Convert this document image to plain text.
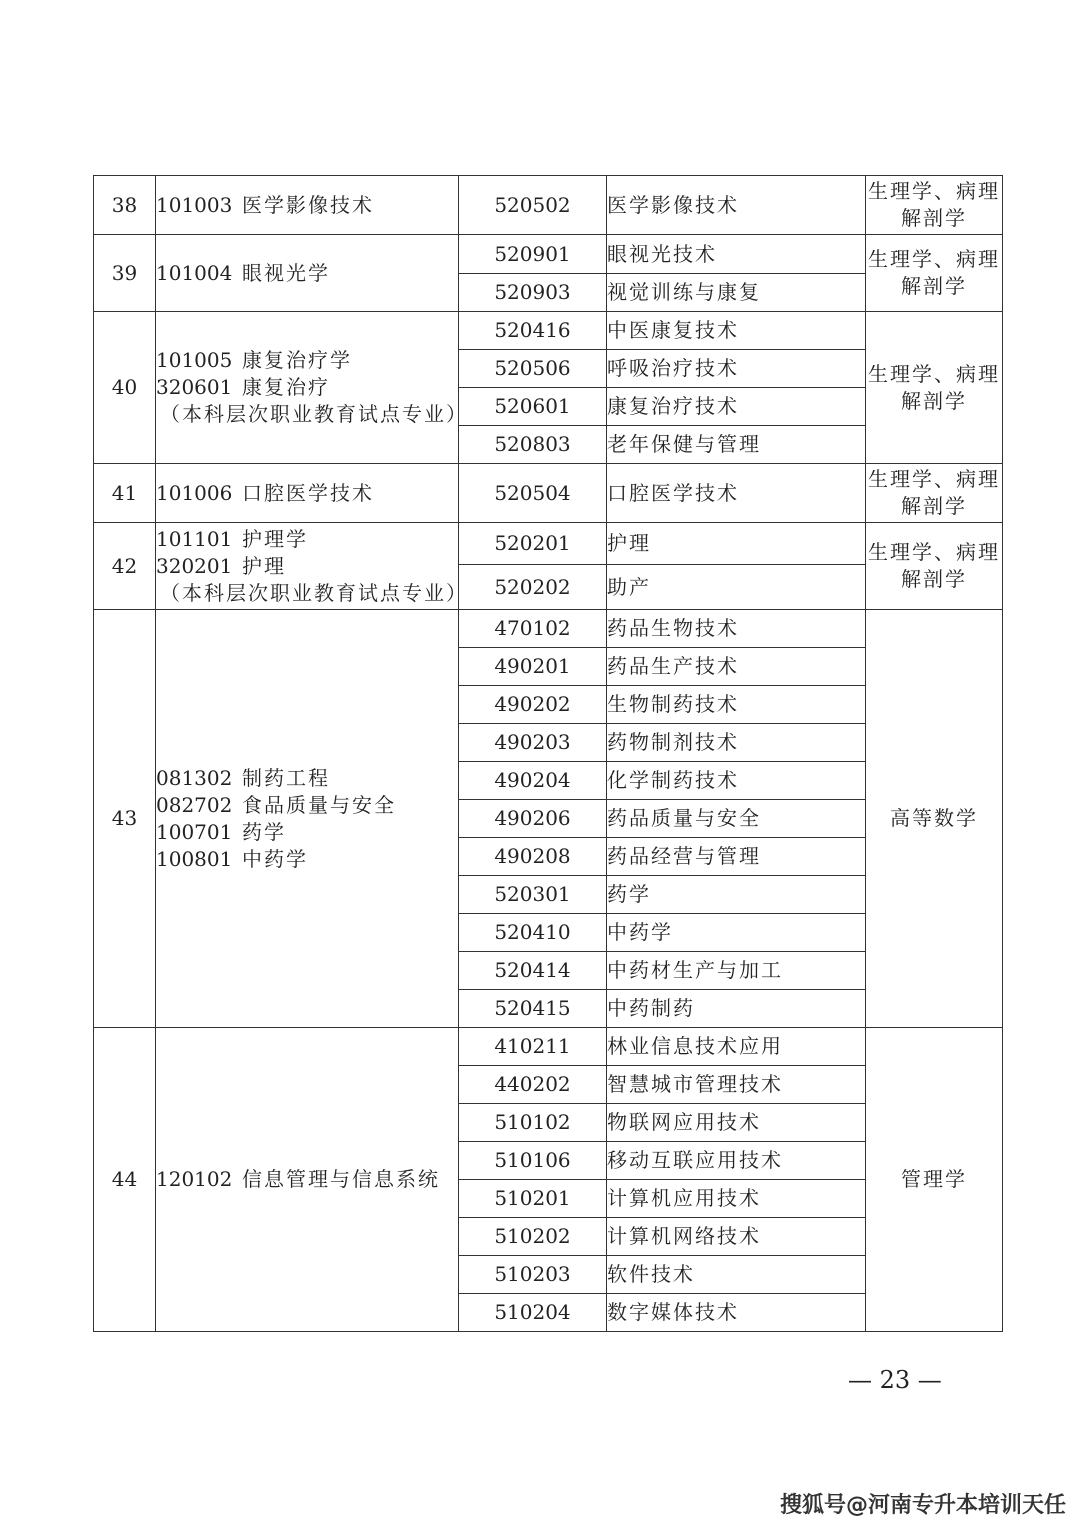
38	101003 医学影像技术	520502	医学影像技术	生理学、病理
解剖学

39	101004 眼视光学	520901	眼视光技术	生理学、病理
解剖学

		520903	视觉训练与康复	
40	101005 康复治疗学
320601 康复治疗
（本科层次职业教育试点专业）	520416	中医康复技术	生理学、病理
解剖学

		520506	呼吸治疗技术	
		520601	康复治疗技术	
		520803	老年保健与管理	
41	101006 口腔医学技术	520504	口腔医学技术	生理学、病理
解剖学

42	101101 护理学
320201 护理
（本科层次职业教育试点专业）	520201	护理	生理学、病理
解剖学

		520202	助产	
43	081302 制药工程
082702 食品质量与安全
100701 药学
100801 中药学	470102	药品生物技术	高等数学

		490201	药品生产技术	
		490202	生物制药技术	
		490203	药物制剂技术	
		490204	化学制药技术	
		490206	药品质量与安全	
		490208	药品经营与管理	
		520301	药学	
		520410	中药学	
		520414	中药材生产与加工	
		520415	中药制药	
44	120102 信息管理与信息系统	410211	林业信息技术应用	管理学

		440202	智慧城市管理技术	
		510102	物联网应用技术	
		510106	移动互联应用技术	
		510201	计算机应用技术	
		510202	计算机网络技术	
		510203	软件技术	
		510204	数字媒体技术	
— 23 —
搜狐号@河南专升本培训天任
